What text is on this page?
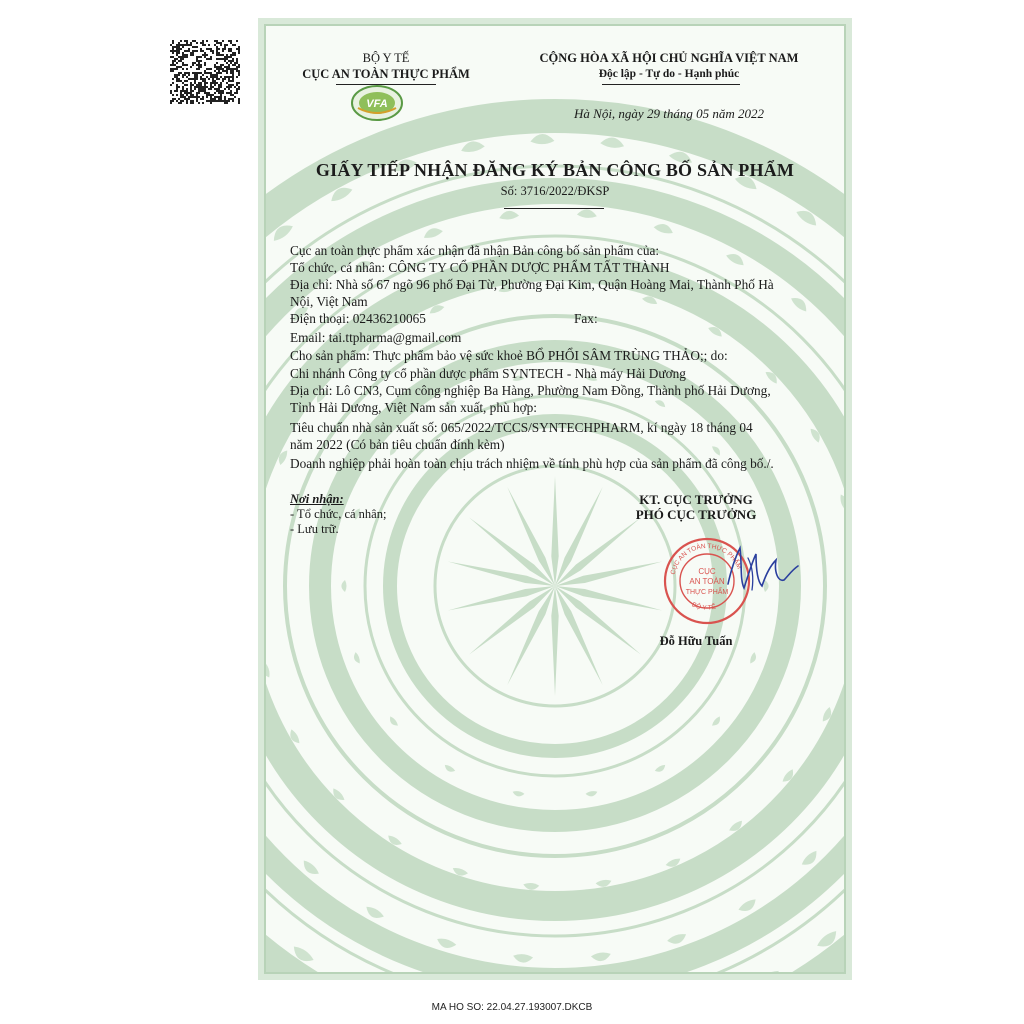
BỘ Y TẾ
CỤC AN TOÀN THỰC PHẨM
VFA
CỘNG HÒA XÃ HỘI CHỦ NGHĨA VIỆT NAM
Độc lập - Tự do - Hạnh phúc
Hà Nội, ngày 29 tháng 05 năm 2022
GIẤY TIẾP NHẬN ĐĂNG KÝ BẢN CÔNG BỐ SẢN PHẨM
Số: 3716/2022/ĐKSP
Cục an toàn thực phẩm xác nhận đã nhận Bản công bố sản phẩm của:
Tổ chức, cá nhân: CÔNG TY CỔ PHẦN DƯỢC PHẨM TẤT THÀNH
Địa chỉ: Nhà số 67 ngõ 96 phố Đại Từ, Phường Đại Kim, Quận Hoàng Mai, Thành Phố Hà
Nội, Việt Nam
Điện thoại: 02436210065	Fax:
Email: tai.ttpharma@gmail.com
Cho sản phẩm: Thực phẩm bảo vệ sức khoẻ BỔ PHỔI SÂM TRÙNG THẢO;; do:
Chi nhánh Công ty cổ phần dược phẩm SYNTECH - Nhà máy Hải Dương
Địa chỉ: Lô CN3, Cụm công nghiệp Ba Hàng, Phường Nam Đồng, Thành phố Hải Dương,
Tỉnh Hải Dương, Việt Nam sản xuất, phù hợp:
Tiêu chuẩn nhà sản xuất số: 065/2022/TCCS/SYNTECHPHARM, kí ngày 18 tháng 04
năm 2022 (Có bản tiêu chuẩn đính kèm)
Doanh nghiệp phải hoàn toàn chịu trách nhiệm về tính phù hợp của sản phẩm đã công bố./.
Nơi nhận:
- Tổ chức, cá nhân;
- Lưu trữ.
KT. CỤC TRƯỞNG
PHÓ CỤC TRƯỞNG
CỤC AN TOÀN THỰC PHẨM
BỘ Y TẾ
CỤC
AN TOÀN
THỰC PHẨM
Đỗ Hữu Tuấn
MA HO SO: 22.04.27.193007.DKCB
